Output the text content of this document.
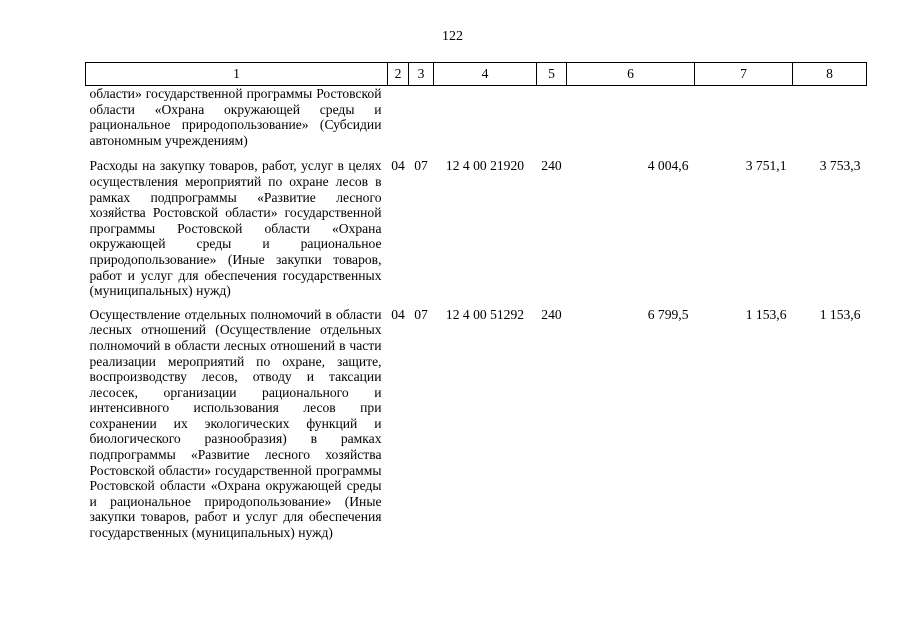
122
1	2	3	4	5	6	7	8
области» государственной программы Ростовской области «Охрана окружающей среды и рациональное природопользование» (Субсидии автономным учреждениям)							
Расходы на закупку товаров, работ, услуг в целях осуществления мероприятий по охране лесов в рамках подпрограммы «Развитие лесного хозяйства Ростовской области» государственной программы Ростовской области «Охрана окружающей среды и рациональное природопользование» (Иные закупки товаров, работ и услуг для обеспечения государственных (муниципальных) нужд)	04	07	12 4 00 21920	240	4 004,6	3 751,1	3 753,3
Осуществление отдельных полномочий в области лесных отношений (Осуществление отдельных полномочий в области лесных отношений в части реализации мероприятий по охране, защите, воспроизводству лесов, отводу и таксации лесосек, организации рационального и интенсивного использования лесов при сохранении их экологических функций и биологического разнообразия) в рамках подпрограммы «Развитие лесного хозяйства Ростовской области» государственной программы Ростовской области «Охрана окружающей среды и рациональное природопользование» (Иные закупки товаров, работ и услуг для обеспечения государственных (муниципальных) нужд)	04	07	12 4 00 51292	240	6 799,5	1 153,6	1 153,6
